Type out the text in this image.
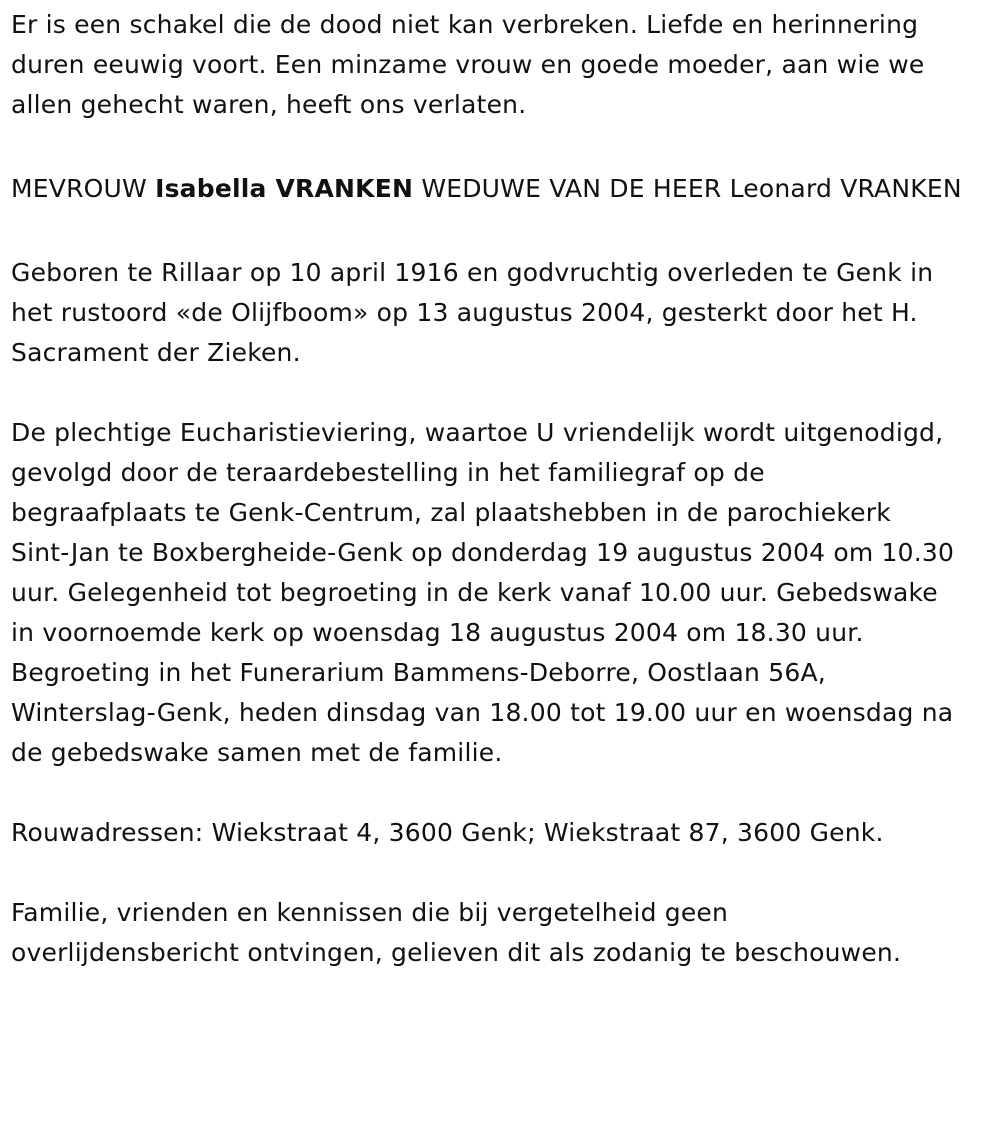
Er is een schakel die de dood niet kan verbreken. Liefde en herinnering
duren eeuwig voort. Een minzame vrouw en goede moeder, aan wie we
allen gehecht waren, heeft ons verlaten.

MEVROUW

Isabella VRANKEN

WEDUWE VAN DE HEER

Leonard VRANKEN

Geboren te Rillaar op 10 april 1916 en godvruchtig overleden te Genk in
het rustoord «de Olijfboom» op 13 augustus 2004, gesterkt door het H.
Sacrament der Zieken.

De plechtige Eucharistieviering, waartoe U vriendelijk wordt uitgenodigd,
gevolgd door de teraardebestelling in het familiegraf op de
begraafplaats te Genk-Centrum, zal plaatshebben in de parochiekerk
Sint-Jan te Boxbergheide-Genk op donderdag 19 augustus 2004 om 10.30
uur. Gelegenheid tot begroeting in de kerk vanaf 10.00 uur. Gebedswake
in voornoemde kerk op woensdag 18 augustus 2004 om 18.30 uur.
Begroeting in het Funerarium Bammens-Deborre, Oostlaan 56A,
Winterslag-Genk, heden dinsdag van 18.00 tot 19.00 uur en woensdag na
de gebedswake samen met de familie.

Rouwadressen: Wiekstraat 4, 3600 Genk; Wiekstraat 87, 3600 Genk.

Familie, vrienden en kennissen die bij vergetelheid geen
overlijdensbericht ontvingen, gelieven dit als zodanig te beschouwen.
